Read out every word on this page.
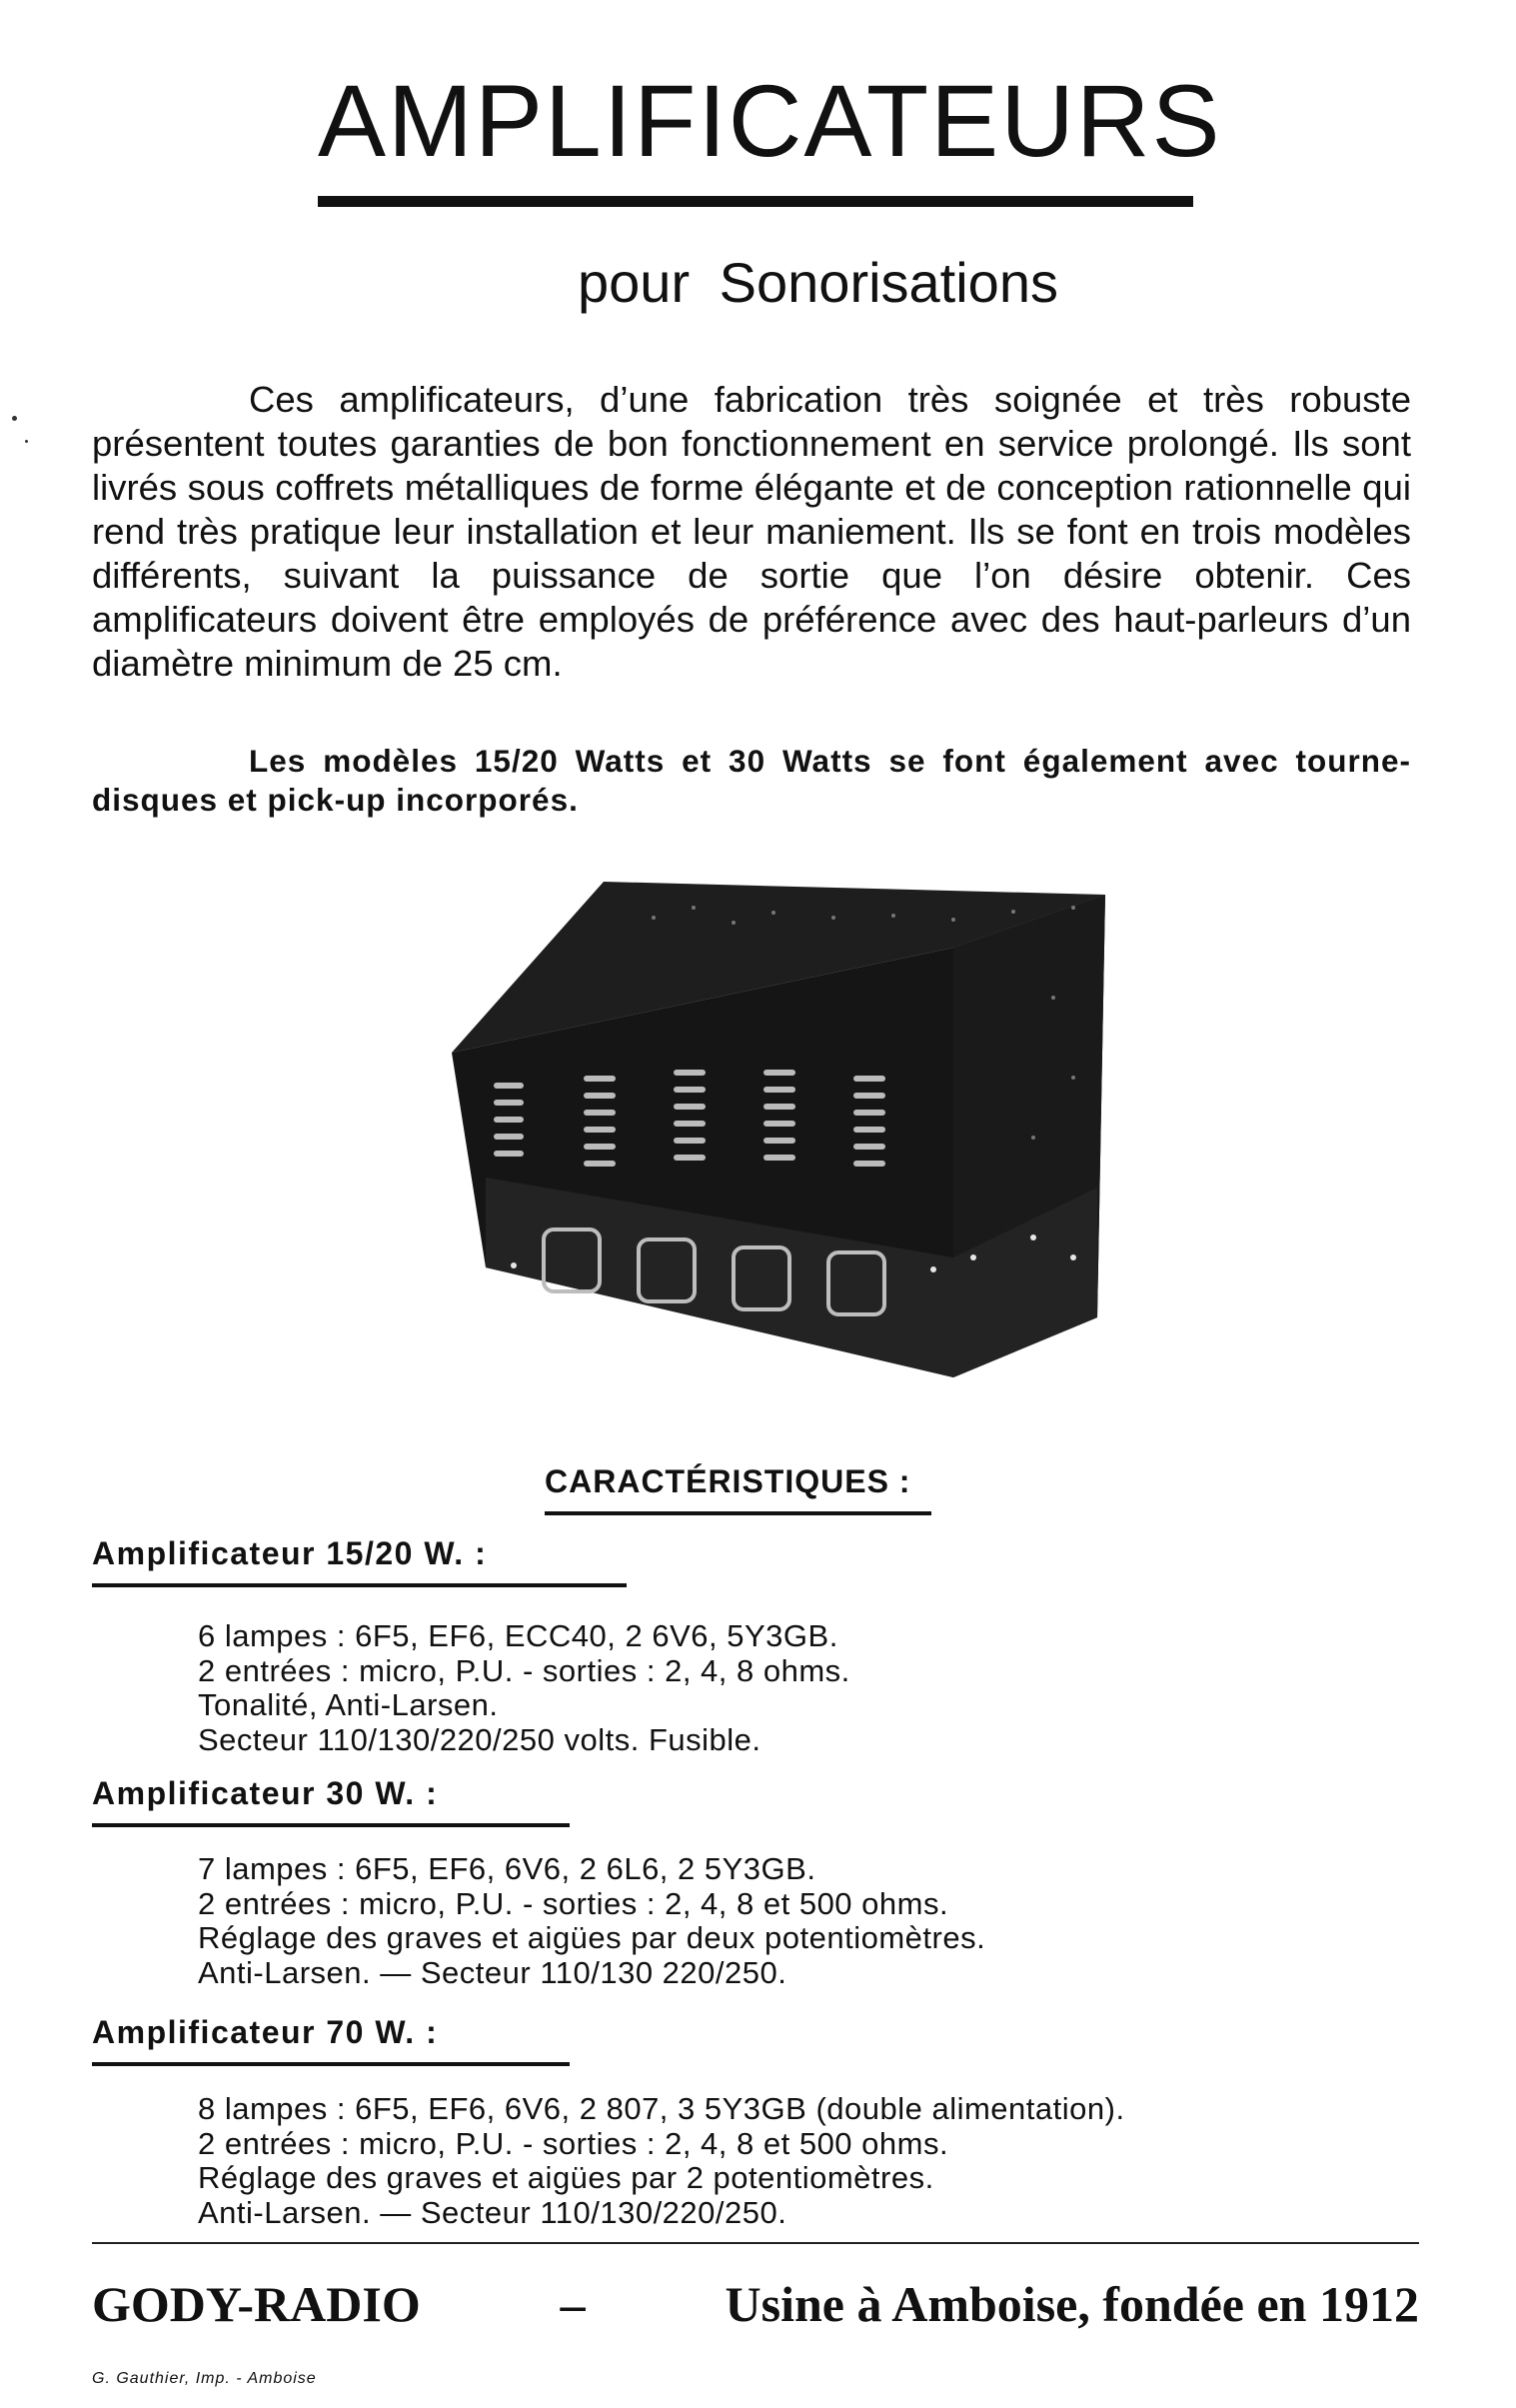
AMPLIFICATEURS
pour Sonorisations

Ces amplificateurs, d’une fabrication très soignée et très robuste présentent toutes garanties de bon fonctionnement en service prolongé. Ils sont livrés sous coffrets métalliques de forme élégante et de conception rationnelle qui rend très pratique leur installation et leur maniement. Ils se font en trois modèles différents, suivant la puissance de sortie que l’on désire obtenir. Ces amplificateurs doivent être employés de préférence avec des haut-parleurs d’un diamètre minimum de 25 cm.

Les modèles 15/20 Watts et 30 Watts se font également avec tourne-disques et pick-up incorporés.

CARACTÉRISTIQUES :
Amplificateur 15/20 W. :
6 lampes : 6F5, EF6, ECC40, 2 6V6, 5Y3GB.
2 entrées : micro, P.U. - sorties : 2, 4, 8 ohms.
Tonalité, Anti-Larsen.
Secteur 110/130/220/250 volts. Fusible.
Amplificateur 30 W. :
7 lampes : 6F5, EF6, 6V6, 2 6L6, 2 5Y3GB.
2 entrées : micro, P.U. - sorties : 2, 4, 8 et 500 ohms.
Réglage des graves et aigües par deux potentiomètres.
Anti-Larsen. — Secteur 110/130 220/250.
Amplificateur 70 W. :
8 lampes : 6F5, EF6, 6V6, 2 807, 3 5Y3GB (double alimentation).
2 entrées : micro, P.U. - sorties : 2, 4, 8 et 500 ohms.
Réglage des graves et aigües par 2 potentiomètres.
Anti-Larsen. — Secteur 110/130/220/250.
GODY-RADIO	–	Usine à Amboise, fondée en 1912
G. Gauthier, Imp. - Amboise
